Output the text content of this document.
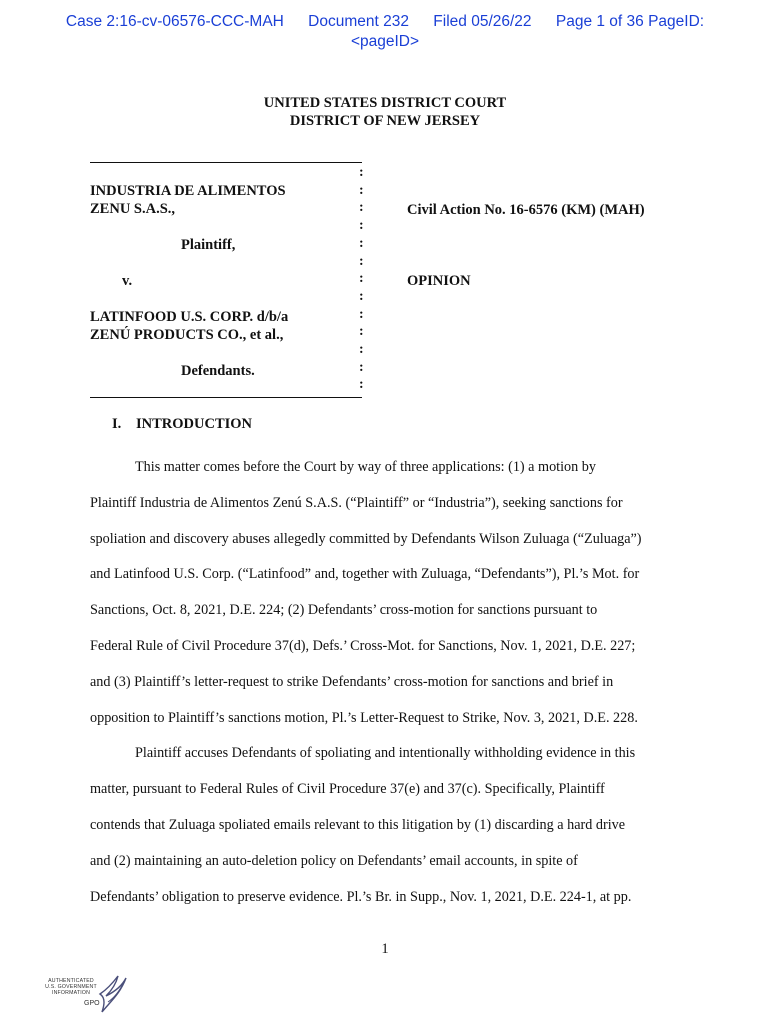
Case 2:16-cv-06576-CCC-MAH Document 232 Filed 05/26/22 Page 1 of 36 PageID:
<pageID>
UNITED STATES DISTRICT COURT
DISTRICT OF NEW JERSEY
:
:
:
:
:
:
:
:
:
:
:
:
:
INDUSTRIA DE ALIMENTOS
ZENU S.A.S.,
Plaintiff,
v.
LATINFOOD U.S. CORP. d/b/a
ZENÚ PRODUCTS CO., et al.,
Defendants.
Civil Action No. 16-6576 (KM) (MAH)
OPINION
I. INTRODUCTION

This matter comes before the Court by way of three applications: (1) a motion by
Plaintiff Industria de Alimentos Zenú S.A.S. (“Plaintiff” or “Industria”), seeking sanctions for
spoliation and discovery abuses allegedly committed by Defendants Wilson Zuluaga (“Zuluaga”)
and Latinfood U.S. Corp. (“Latinfood” and, together with Zuluaga, “Defendants”), Pl.’s Mot. for
Sanctions, Oct. 8, 2021, D.E. 224; (2) Defendants’ cross-motion for sanctions pursuant to
Federal Rule of Civil Procedure 37(d), Defs.’ Cross-Mot. for Sanctions, Nov. 1, 2021, D.E. 227;
and (3) Plaintiff’s letter-request to strike Defendants’ cross-motion for sanctions and brief in
opposition to Plaintiff’s sanctions motion, Pl.’s Letter-Request to Strike, Nov. 3, 2021, D.E. 228.

Plaintiff accuses Defendants of spoliating and intentionally withholding evidence in this
matter, pursuant to Federal Rules of Civil Procedure 37(e) and 37(c). Specifically, Plaintiff
contends that Zuluaga spoliated emails relevant to this litigation by (1) discarding a hard drive
and (2) maintaining an auto-deletion policy on Defendants’ email accounts, in spite of
Defendants’ obligation to preserve evidence. Pl.’s Br. in Supp., Nov. 1, 2021, D.E. 224-1, at pp.

1
AUTHENTICATED
U.S. GOVERNMENT
INFORMATION
GPO
